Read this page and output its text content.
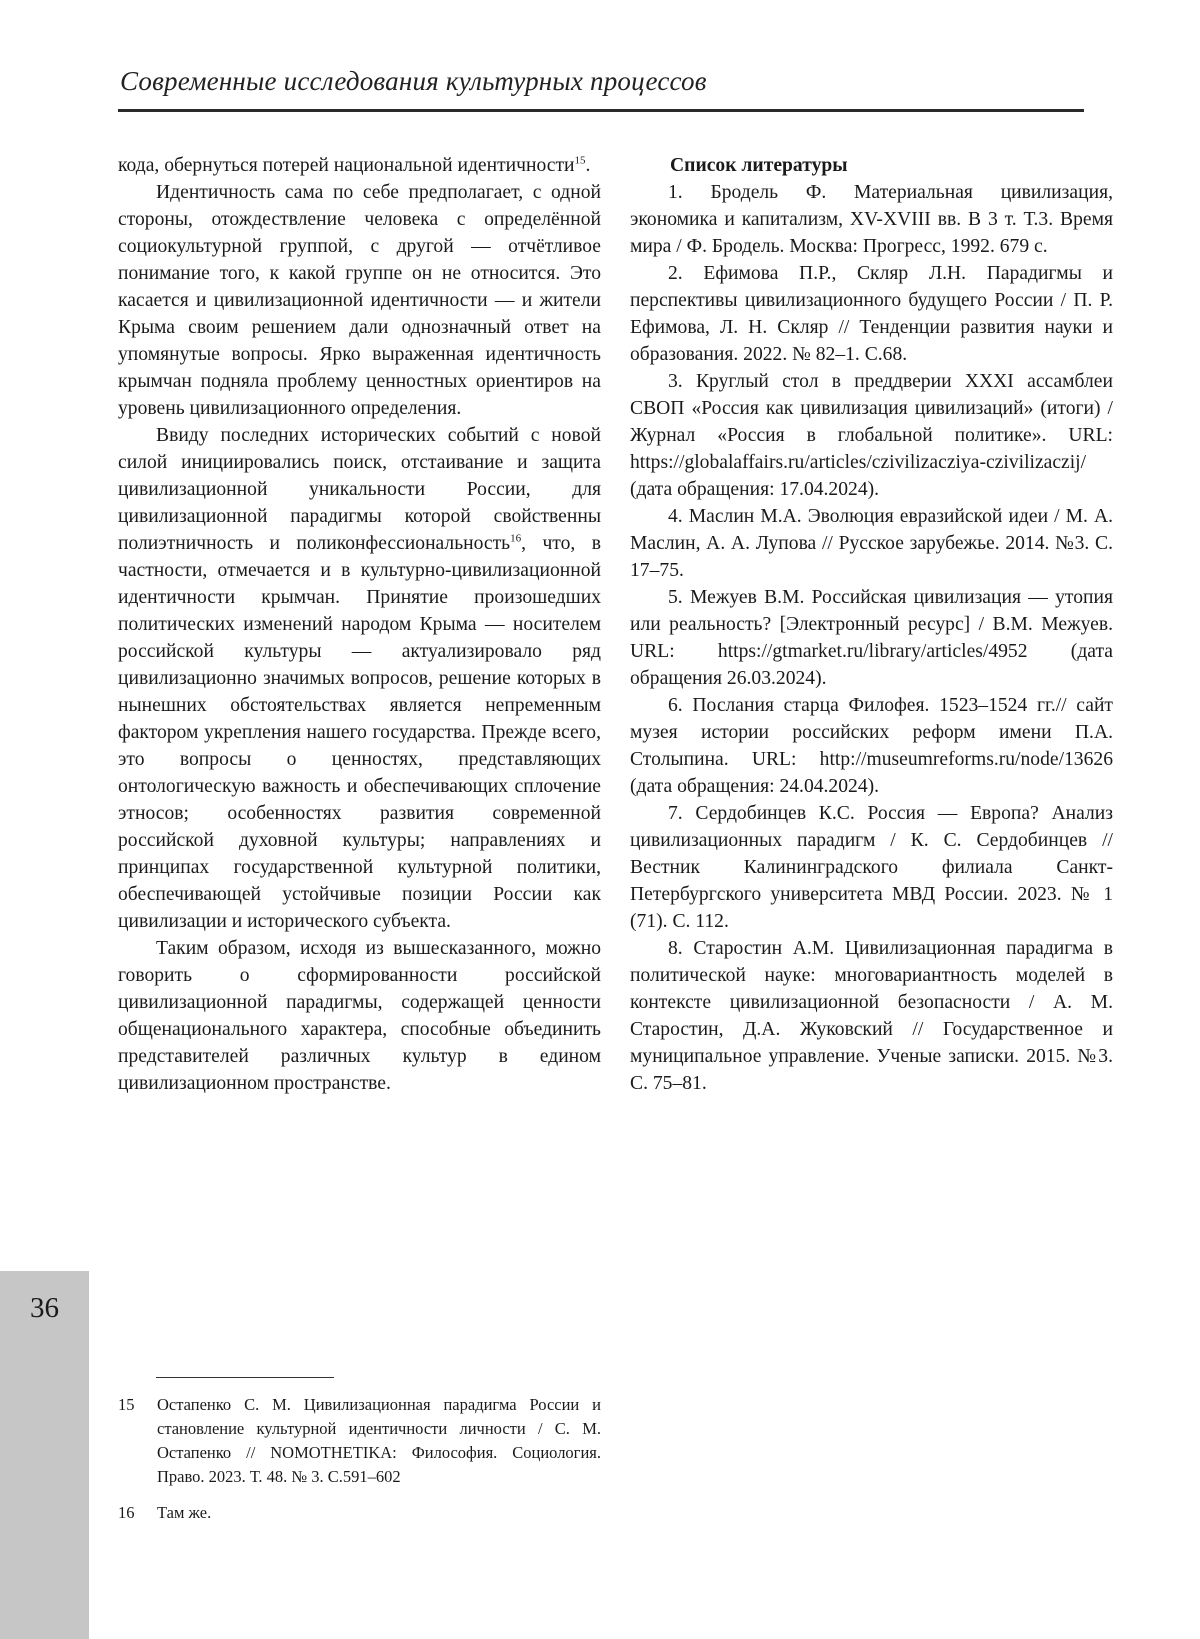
Современные исследования культурных процессов
36

кода, обернуться потерей национальной идентичности$^{15}$.

Идентичность сама по себе предполагает, с одной стороны, отождествление человека с определённой социокультурной группой, с другой — отчётливое понимание того, к какой группе он не относится. Это касается и цивилизационной идентичности — и жители Крыма своим решением дали однозначный ответ на упомянутые вопросы. Ярко выраженная идентичность крымчан подняла проблему ценностных ориентиров на уровень цивилизационного определения.

Ввиду последних исторических событий с новой силой инициировались поиск, отстаивание и защита цивилизационной уникальности России, для цивилизационной парадигмы которой свойственны полиэтничность и поликонфессиональность$^{16}$, что, в частности, отмечается и в культурно-цивилизационной идентичности крымчан. Принятие произошедших политических изменений народом Крыма — носителем российской культуры — актуализировало ряд цивилизационно значимых вопросов, решение которых в нынешних обстоятельствах является непременным фактором укрепления нашего государства. Прежде всего, это вопросы о ценностях, представляющих онтологическую важность и обеспечивающих сплочение этносов; особенностях развития современной российской духовной культуры; направлениях и принципах государственной культурной политики, обеспечивающей устойчивые позиции России как цивилизации и исторического субъекта.

Таким образом, исходя из вышесказанного, можно говорить о сформированности российской цивилизационной парадигмы, содержащей ценности общенационального характера, способные объединить представителей различных культур в едином цивилизационном пространстве.

Список литературы

1. Бродель Ф. Материальная цивилизация, экономика и капитализм, XV-XVIII вв. В 3 т. Т.3. Время мира / Ф. Бродель. Москва: Прогресс, 1992. 679 с.

2. Ефимова П.Р., Скляр Л.Н. Парадигмы и перспективы цивилизационного будущего России / П. Р. Ефимова, Л. Н. Скляр // Тенденции развития науки и образования. 2022. № 82–1. С.68.

3. Круглый стол в преддверии XXXI ассамблеи СВОП «Россия как цивилизация цивилизаций» (итоги) / Журнал «Россия в глобальной политике». URL: https://globalaffairs.ru/articles/czivilizacziya-czivilizaczij/ (дата обращения: 17.04.2024).

4. Маслин М.А. Эволюция евразийской идеи / М. А. Маслин, А. А. Лупова // Русское зарубежье. 2014. №3. С. 17–75.

5. Межуев В.М. Российская цивилизация — утопия или реальность? [Электронный ресурс] / В.М. Межуев. URL: https://gtmarket.ru/library/articles/4952 (дата обращения 26.03.2024).

6. Послания старца Филофея. 1523–1524 гг.// сайт музея истории российских реформ имени П.А. Столыпина. URL: http://museumreforms.ru/node/13626 (дата обращения: 24.04.2024).

7. Сердобинцев К.С. Россия — Европа? Анализ цивилизационных парадигм / К. С. Сердобинцев // Вестник Калининградского филиала Санкт-Петербургского университета МВД России. 2023. № 1 (71). С. 112.

8. Старостин А.М. Цивилизационная парадигма в политической науке: многовариантность моделей в контексте цивилизационной безопасности / А. М. Старостин, Д.А. Жуковский // Государственное и муниципальное управление. Ученые записки. 2015. №3. С. 75–81.

15	Остапенко С. М. Цивилизационная парадигма России и становление культурной идентичности личности / С. М. Остапенко // NOMOTHETIKA: Философия. Социология. Право. 2023. Т. 48. № 3. С.591–602
16	Там же.
